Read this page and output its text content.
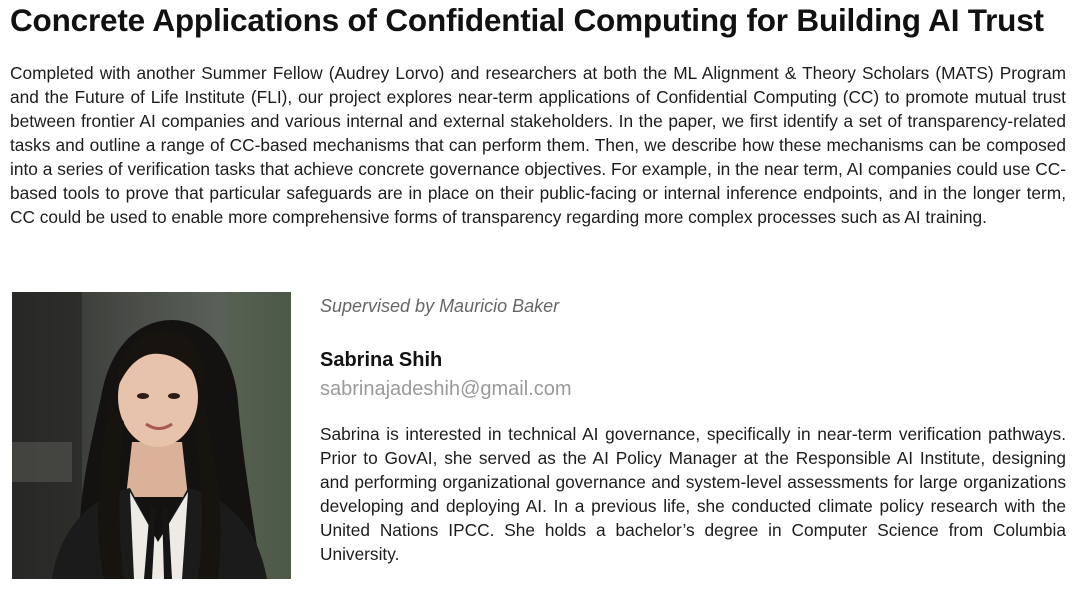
Concrete Applications of Confidential Computing for Building AI Trust

Completed with another Summer Fellow (Audrey Lorvo) and researchers at both the ML Alignment & Theory Scholars (MATS) Program and the Future of Life Institute (FLI), our project explores near-term applications of Confidential Computing (CC) to promote mutual trust between frontier AI companies and various internal and external stakeholders. In the paper, we first identify a set of transparency-related tasks and outline a range of CC-based mechanisms that can perform them. Then, we describe how these mechanisms can be composed into a series of verification tasks that achieve concrete governance objectives. For example, in the near term, AI companies could use CC-based tools to prove that particular safeguards are in place on their public-facing or internal inference endpoints, and in the longer term, CC could be used to enable more comprehensive forms of transparency regarding more complex processes such as AI training.

Supervised by Mauricio Baker

Sabrina Shih

sabrinajadeshih@gmail.com

Sabrina is interested in technical AI governance, specifically in near-term verification pathways. Prior to GovAI, she served as the AI Policy Manager at the Responsible AI Institute, designing and performing organizational governance and system-level assessments for large organizations developing and deploying AI. In a previous life, she conducted climate policy research with the United Nations IPCC. She holds a bachelor’s degree in Computer Science from Columbia University.
